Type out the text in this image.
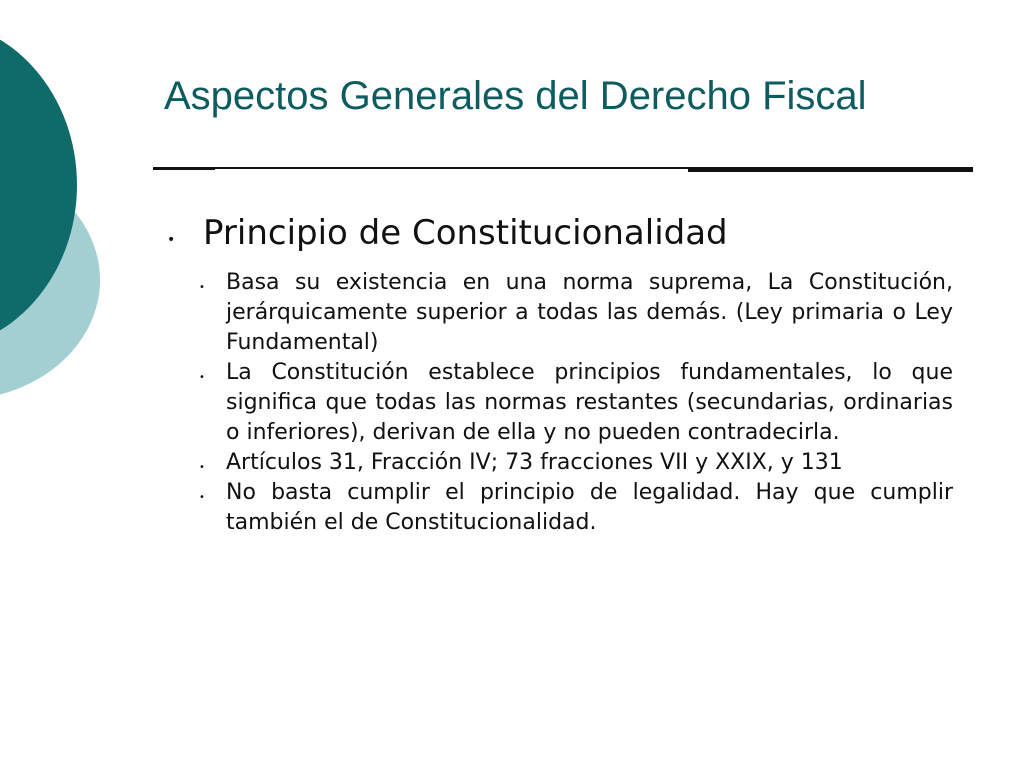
Aspectos Generales del Derecho Fiscal
• Principio de Constitucionalidad
• Basa su existencia en una norma suprema, La Constitución, jerárquicamente superior a todas las demás. (Ley primaria o Ley Fundamental)
• La Constitución establece principios fundamentales, lo que significa que todas las normas restantes (secundarias, ordinarias o inferiores), derivan de ella y no pueden contradecirla.
• Artículos 31, Fracción IV; 73 fracciones VII y XXIX, y 131
• No basta cumplir el principio de legalidad. Hay que cumplir también el de Constitucionalidad.
